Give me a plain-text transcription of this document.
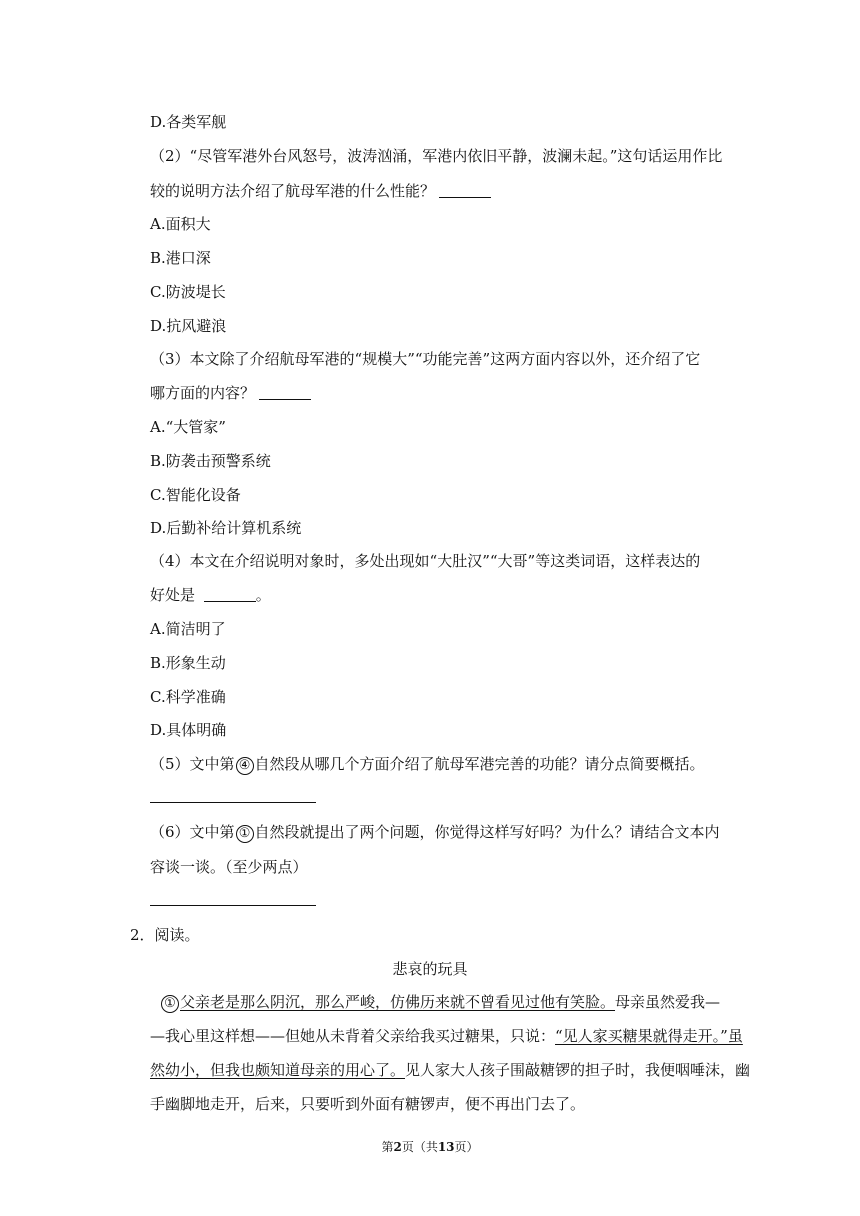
D.各类军舰
（2）“尽管军港外台风怒号，波涛汹涌，军港内依旧平静，波澜未起。”这句话运用作比
较的说明方法介绍了航母军港的什么性能？
A.面积大
B.港口深
C.防波堤长
D.抗风避浪
（3）本文除了介绍航母军港的“规模大”“功能完善”这两方面内容以外，还介绍了它
哪方面的内容？
A.“大管家”
B.防袭击预警系统
C.智能化设备
D.后勤补给计算机系统
（4）本文在介绍说明对象时，多处出现如“大肚汉”“大哥”等这类词语，这样表达的
好处是	。
A.简洁明了
B.形象生动
C.科学准确
D.具体明确
（5）文中第 ④ 自然段从哪几个方面介绍了航母军港完善的功能？请分点简要概括。
（6）文中第 ① 自然段就提出了两个问题，你觉得这样写好吗？为什么？请结合文本内
容谈一谈。（至少两点）
2．阅读。
悲哀的玩具
① 父亲老是那么阴沉，那么严峻，仿佛历来就不曾看见过他有笑脸。母亲虽然爱我—
—我心里这样想——但她从未背着父亲给我买过糖果，只说：“见人家买糖果就得走开。”虽
然幼小，但我也颇知道母亲的用心了。见人家大人孩子围敲糖锣的担子时，我便咽唾沫，幽
手幽脚地走开，后来，只要听到外面有糖锣声，便不再出门去了。
第2页（共13页）
